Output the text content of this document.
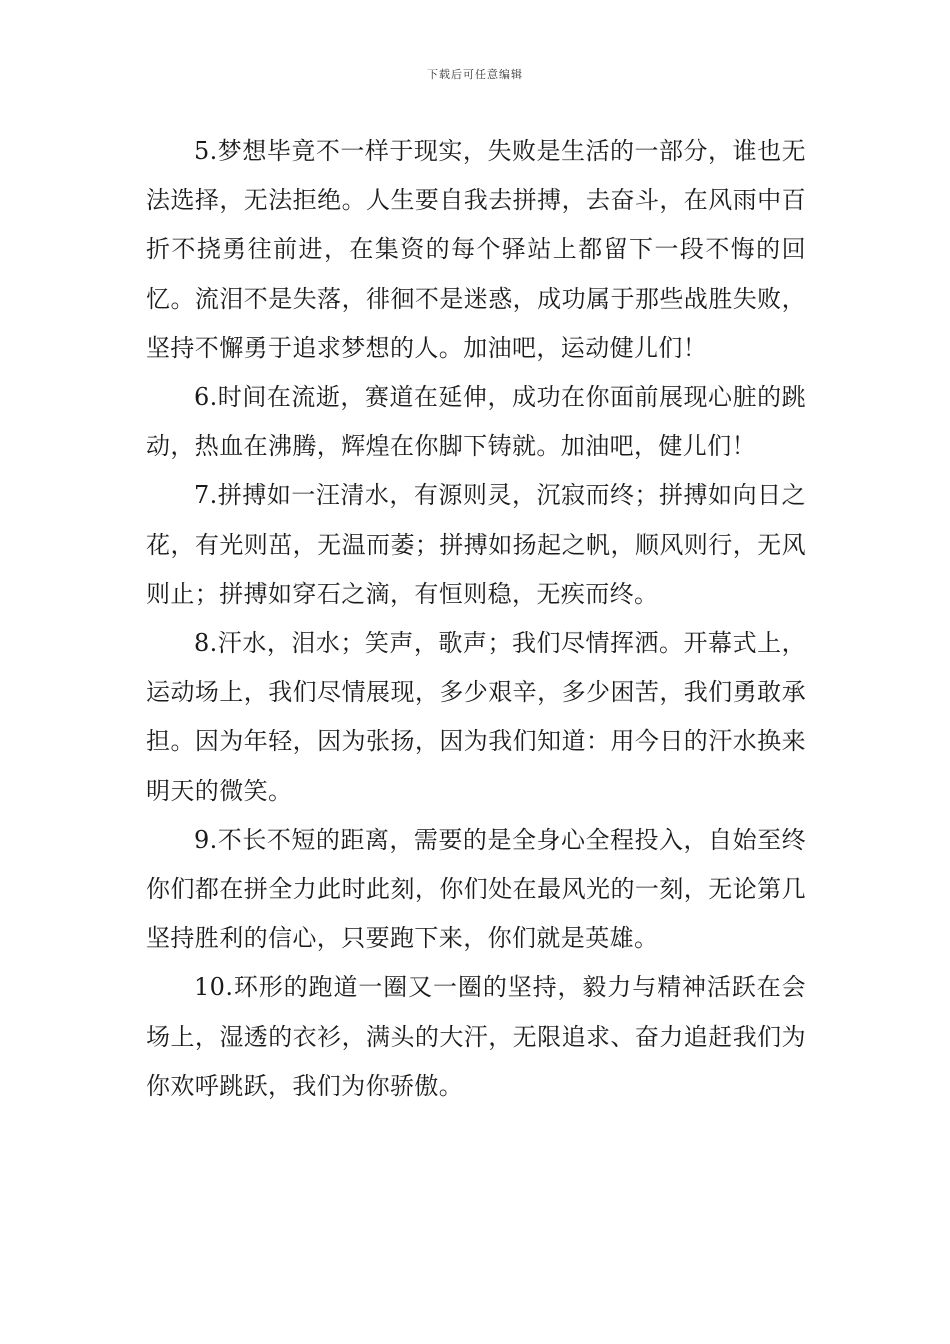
下载后可任意编辑

5.梦想毕竟不一样于现实，失败是生活的一部分，谁也无法选择，无法拒绝。人生要自我去拼搏，去奋斗，在风雨中百折不挠勇往前进，在集资的每个驿站上都留下一段不悔的回忆。流泪不是失落，徘徊不是迷惑，成功属于那些战胜失败，坚持不懈勇于追求梦想的人。加油吧，运动健儿们！

6.时间在流逝，赛道在延伸，成功在你面前展现心脏的跳动，热血在沸腾，辉煌在你脚下铸就。加油吧，健儿们！

7.拼搏如一汪清水，有源则灵，沉寂而终；拼搏如向日之花，有光则茁，无温而萎；拼搏如扬起之帆，顺风则行，无风则止；拼搏如穿石之滴，有恒则稳，无疾而终。

8.汗水，泪水；笑声，歌声；我们尽情挥洒。开幕式上，运动场上，我们尽情展现，多少艰辛，多少困苦，我们勇敢承担。因为年轻，因为张扬，因为我们知道：用今日的汗水换来明天的微笑。

9.不长不短的距离，需要的是全身心全程投入，自始至终你们都在拼全力此时此刻，你们处在最风光的一刻，无论第几坚持胜利的信心，只要跑下来，你们就是英雄。

10.环形的跑道一圈又一圈的坚持，毅力与精神活跃在会场上，湿透的衣衫，满头的大汗，无限追求、奋力追赶我们为你欢呼跳跃，我们为你骄傲。
